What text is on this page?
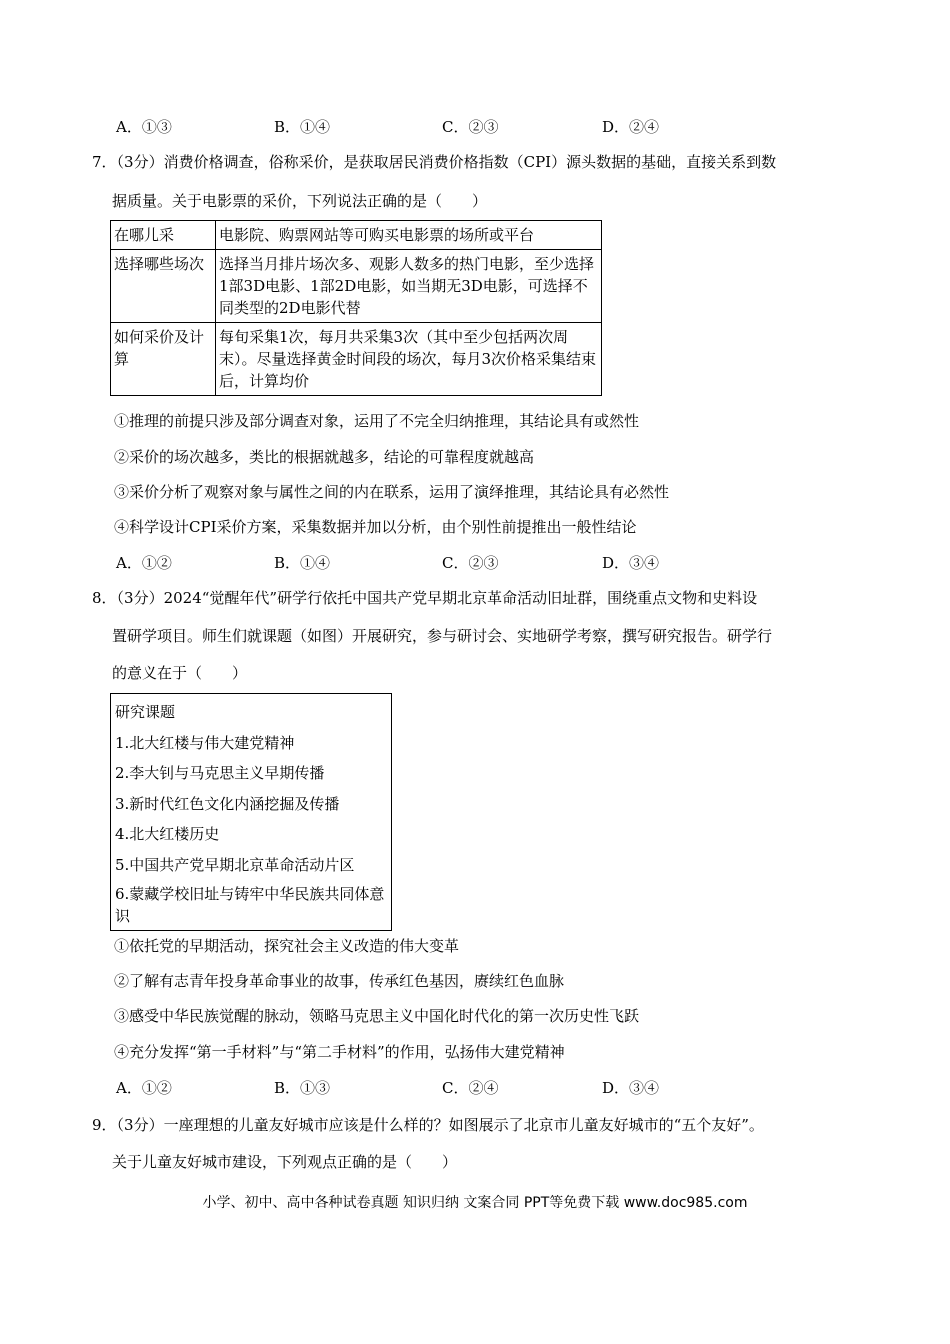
A．①③	B．①④	C．②③	D．②④
7．（3分）消费价格调查，俗称采价，是获取居民消费价格指数（CPI）源头数据的基础，直接关系到数
据质量。关于电影票的采价，下列说法正确的是（　　）
在哪儿采	电影院、购票网站等可购买电影票的场所或平台
选择哪些场次	选择当月排片场次多、观影人数多的热门电影，至少选择1部3D电影、1部2D电影，如当期无3D电影，可选择不同类型的2D电影代替
如何采价及计算	每旬采集1次，每月共采集3次（其中至少包括两次周末）。尽量选择黄金时间段的场次，每月3次价格采集结束后，计算均价
①推理的前提只涉及部分调查对象，运用了不完全归纳推理，其结论具有或然性
②采价的场次越多，类比的根据就越多，结论的可靠程度就越高
③采价分析了观察对象与属性之间的内在联系，运用了演绎推理，其结论具有必然性
④科学设计CPI采价方案，采集数据并加以分析，由个别性前提推出一般性结论
A．①②	B．①④	C．②③	D．③④
8．（3分）2024“觉醒年代”研学行依托中国共产党早期北京革命活动旧址群，围绕重点文物和史料设
置研学项目。师生们就课题（如图）开展研究，参与研讨会、实地研学考察，撰写研究报告。研学行
的意义在于（　　）
研究课题
1.北大红楼与伟大建党精神
2.李大钊与马克思主义早期传播
3.新时代红色文化内涵挖掘及传播
4.北大红楼历史
5.中国共产党早期北京革命活动片区
6.蒙藏学校旧址与铸牢中华民族共同体意识
①依托党的早期活动，探究社会主义改造的伟大变革
②了解有志青年投身革命事业的故事，传承红色基因，赓续红色血脉
③感受中华民族觉醒的脉动，领略马克思主义中国化时代化的第一次历史性飞跃
④充分发挥“第一手材料”与“第二手材料”的作用，弘扬伟大建党精神
A．①②	B．①③	C．②④	D．③④
9．（3分）一座理想的儿童友好城市应该是什么样的？如图展示了北京市儿童友好城市的“五个友好”。
关于儿童友好城市建设，下列观点正确的是（　　）
小学、初中、高中各种试卷真题 知识归纳 文案合同 PPT等免费下载 www.doc985.com
